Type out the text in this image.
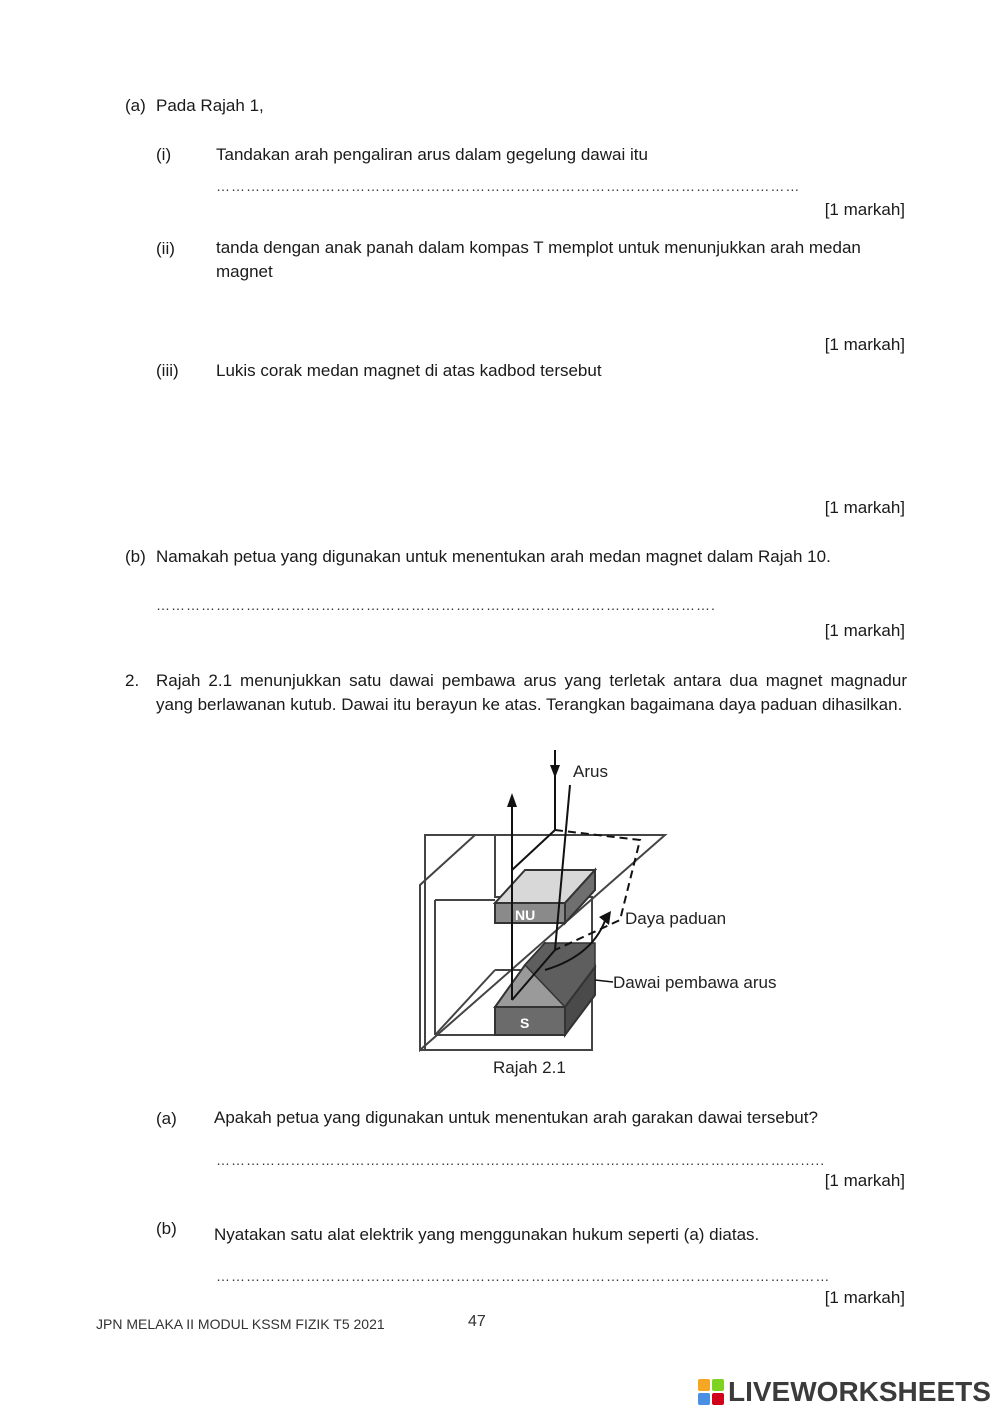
(a) Pada Rajah 1,
(i)	Tandakan arah pengaliran arus dalam gegelung dawai itu
…………………………………………………………………………………………......………
[1 markah]
(ii) tanda dengan anak panah dalam kompas T memplot untuk menunjukkan arah medan magnet
[1 markah]
(iii) Lukis corak medan magnet di atas kadbod tersebut
[1 markah]
(b) Namakah petua yang digunakan untuk menentukan arah medan magnet dalam Rajah 10.
………………………………………………………………………………………………….
[1 markah]
2. Rajah 2.1 menunjukkan satu dawai pembawa arus yang terletak antara dua magnet magnadur yang berlawanan kutub. Dawai itu berayun ke atas. Terangkan bagaimana daya paduan dihasilkan.
NU
S
Arus
Daya paduan
Dawai pembawa arus
Rajah 2.1
(a) Apakah petua yang digunakan untuk menentukan arah garakan dawai tersebut?
……………...……………………………………………………………………………………….....
[1 markah]
(b) Nyatakan satu alat elektrik yang menggunakan hukum seperti (a) diatas.
………………………………………………………………………………………......………………
[1 markah]
JPN MELAKA II MODUL KSSM FIZIK T5 2021	47
LIVEWORKSHEETS
